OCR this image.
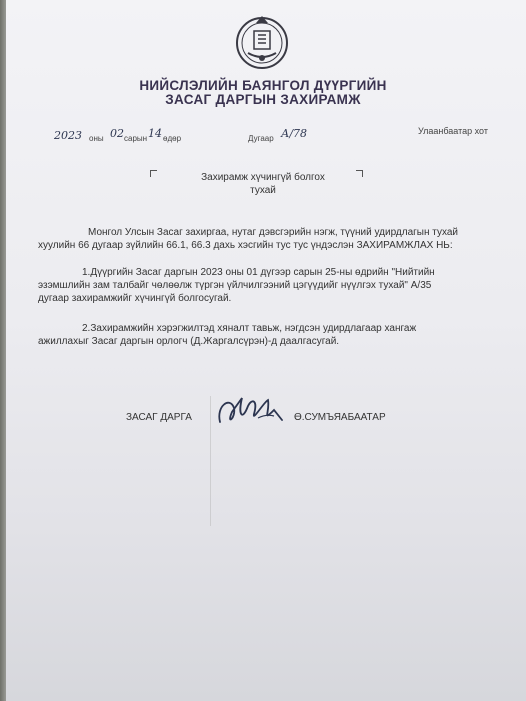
НИЙСЛЭЛИЙН БАЯНГОЛ ДҮҮРГИЙН
ЗАСАГ ДАРГЫН ЗАХИРАМЖ
2023 оны 02 сарын 14 өдөр	Дугаар А/78	Улаанбаатар хот
Захирамж хүчингүй болгох
тухай
Монгол Улсын Засаг захиргаа, нутаг дэвсгэрийн нэгж, түүний удирдлагын тухай
хуулийн 66 дугаар зүйлийн 66.1, 66.3 дахь хэсгийн тус тус үндэслэн ЗАХИРАМЖЛАХ НЬ:
1.Дүүргийн Засаг даргын 2023 оны 01 дүгээр сарын 25-ны өдрийн "Нийтийн
эзэмшлийн зам талбайг чөлөөлж түргэн үйлчилгээний цэгүүдийг нүүлгэх тухай" А/35
дугаар захирамжийг хүчингүй болгосугай.
2.Захирамжийн хэрэгжилтэд хяналт тавьж, нэгдсэн удирдлагаар хангаж
ажиллахыг Засаг даргын орлогч (Д.Жаргалсүрэн)-д даалгасугай.
ЗАСАГ ДАРГА	Ө.СУМЪЯАБААТАР
